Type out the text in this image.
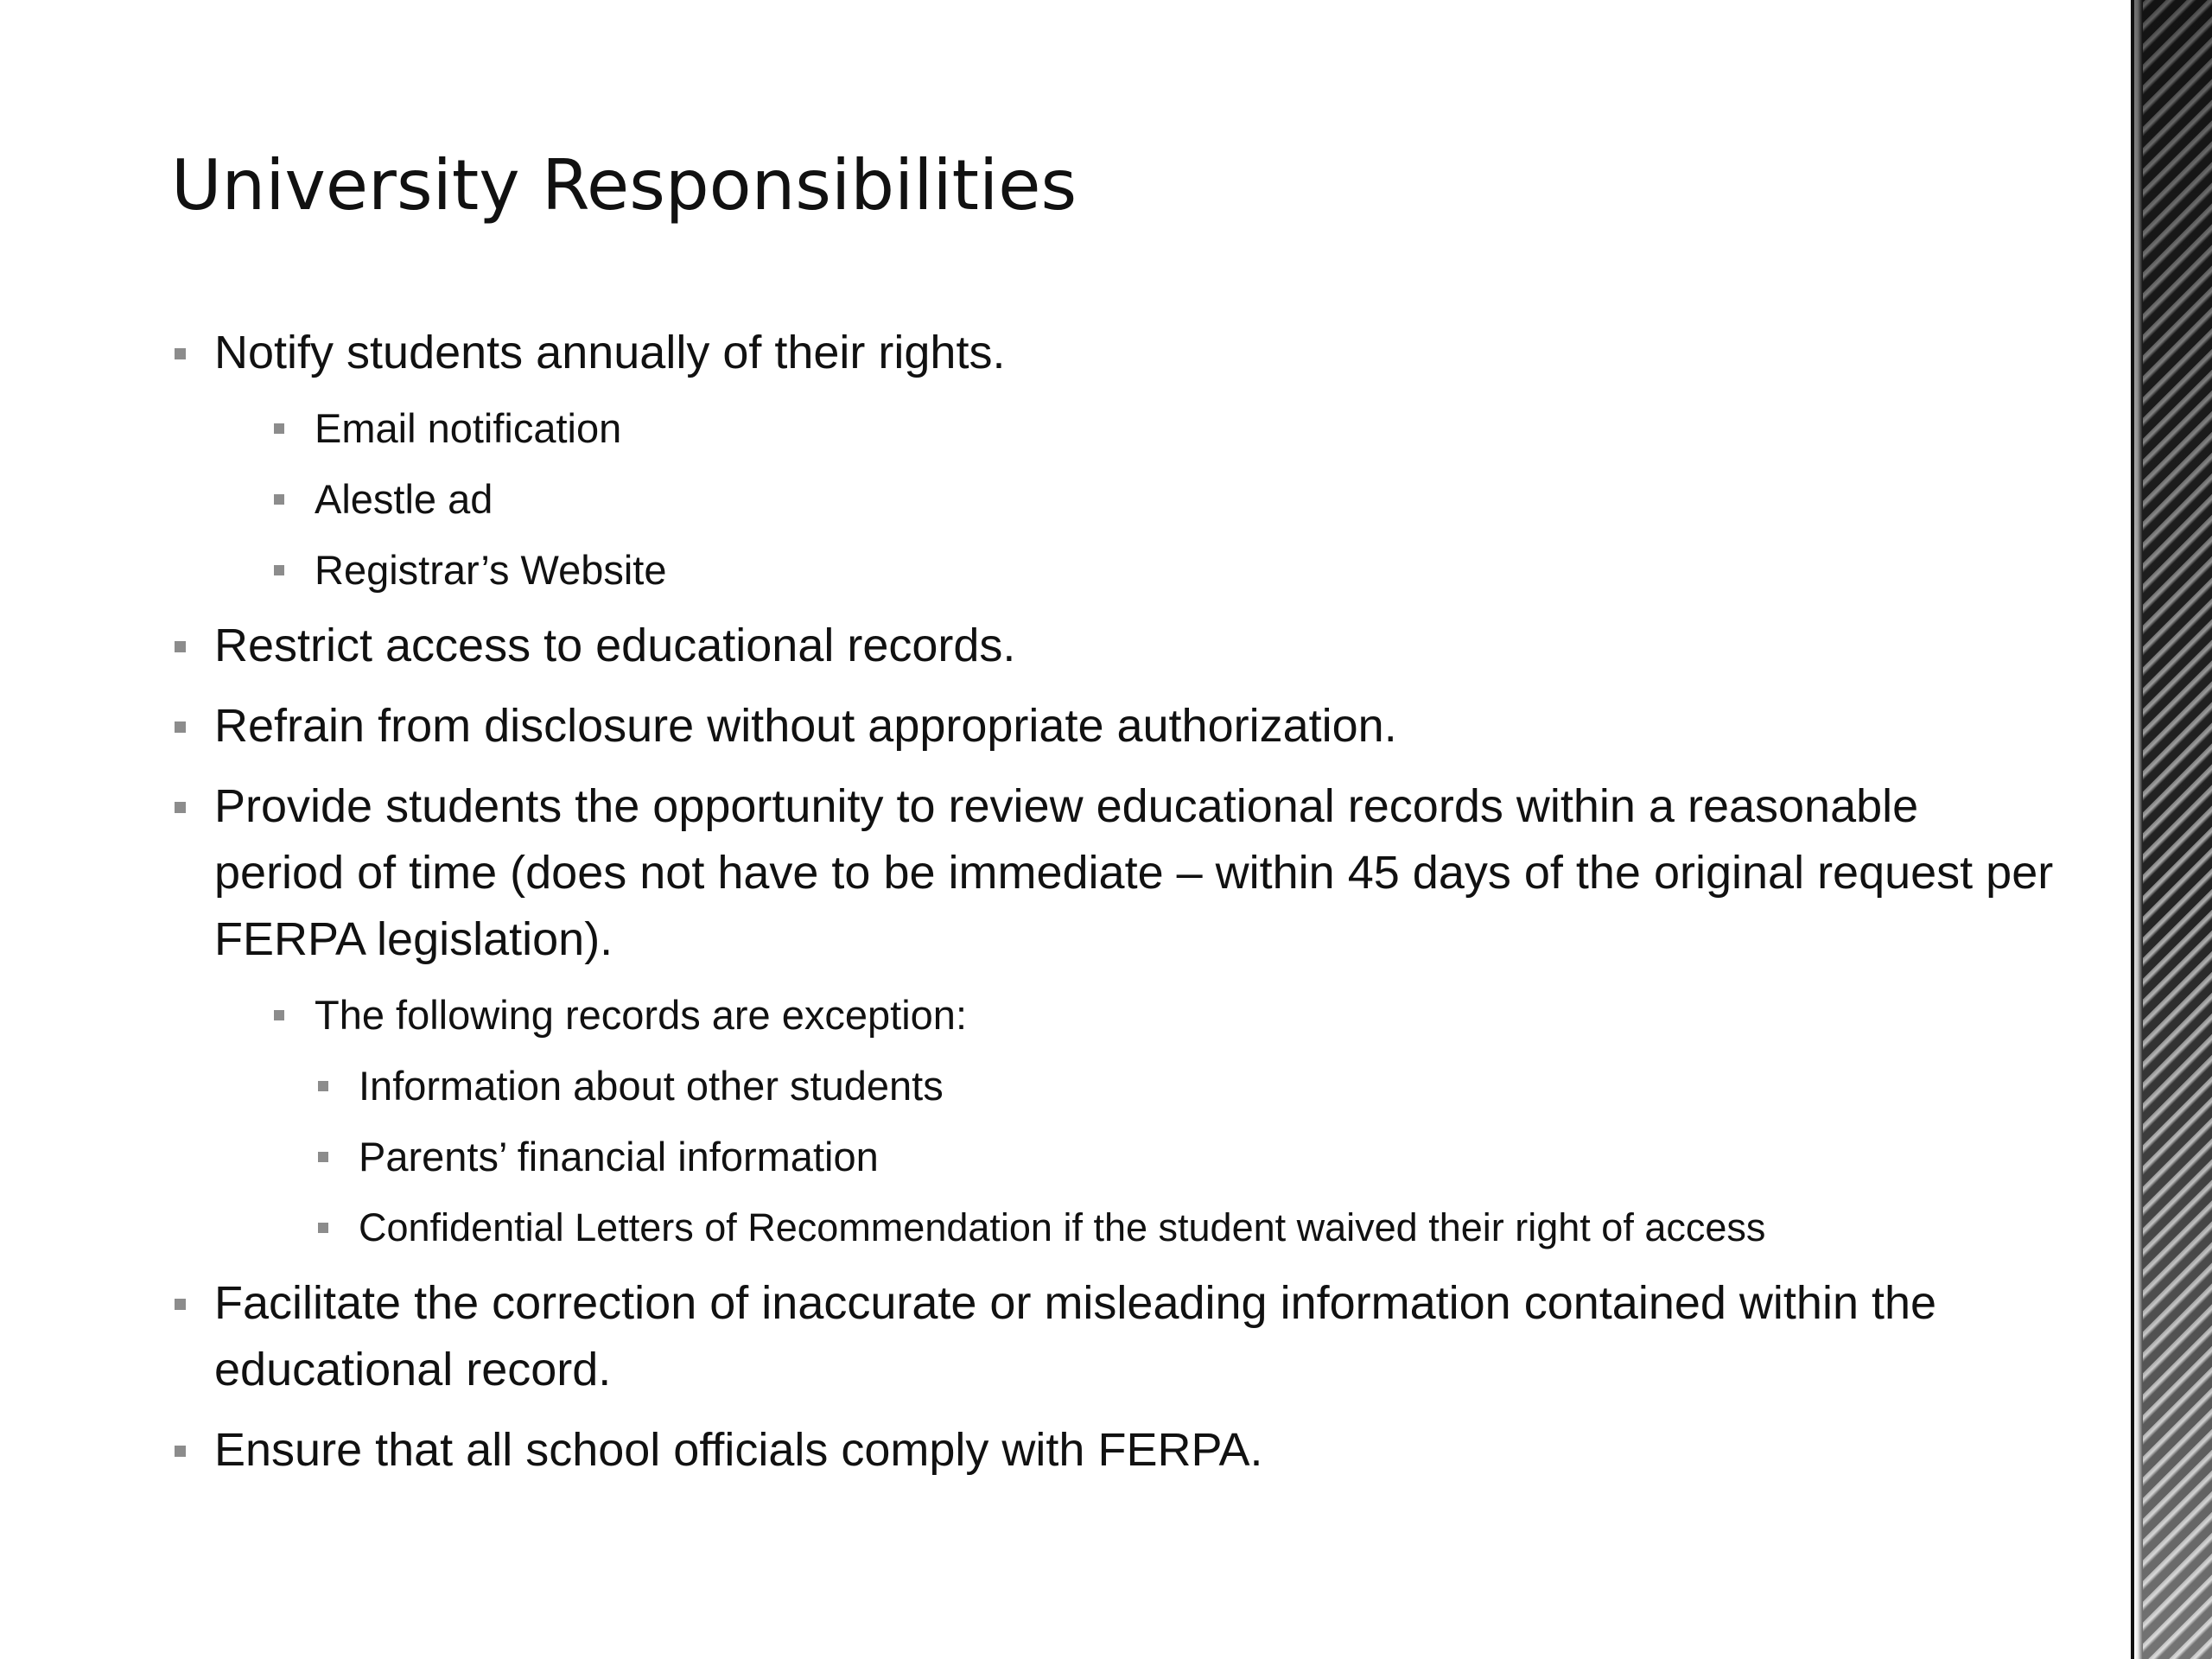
University Responsibilities
Notify students annually of their rights.
Email notification
Alestle ad
Registrar’s Website
Restrict access to educational records.
Refrain from disclosure without appropriate authorization.
Provide students the opportunity to review educational records within a reasonable period of time (does not have to be immediate – within 45 days of the original request per FERPA legislation).
The following records are exception:
Information about other students
Parents’ financial information
Confidential Letters of Recommendation if the student waived their right of access
Facilitate the correction of inaccurate or misleading information contained within the educational record.
Ensure that all school officials comply with FERPA.
